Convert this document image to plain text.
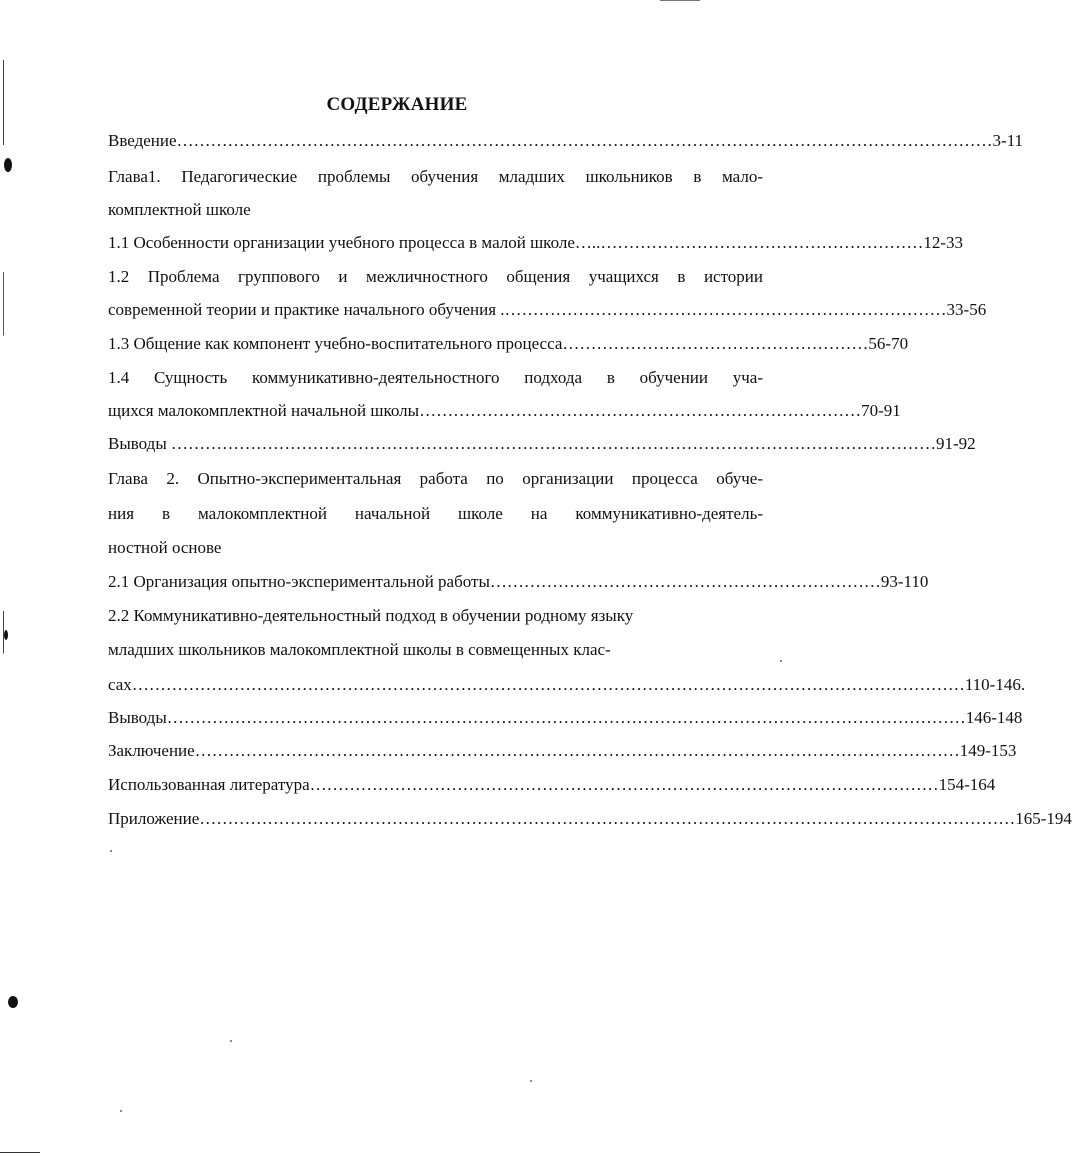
СОДЕРЖАНИЕ
Введение ……………………………………………………………………………………………………………………………… 3-11
Глава1. Педагогические проблемы обучения младших школьников в мало-
комплектной школе
1.1 Особенности организации учебного процесса в малой школе…..… ……………………………………………… 12-33
1.2 Проблема группового и межличностного общения учащихся в истории
современной теории и практике начального обучения . …………………………………………………………………… 33-56
1.3 Общение как компонент учебно-воспитательного процесса ……………………………………………… 56-70
1.4 Сущность коммуникативно-деятельностного подхода в обучении уча-
щихся малокомплектной начальной школы …………………………………………………………………… 70-91
Выводы …… ………………………………………………………………………………………………………………… 91-92
Глава 2. Опытно-экспериментальная работа по организации процесса обуче-
ния в малокомплектной начальной школе на коммуникативно-деятель-
ностной основе
2.1 Организация опытно-экспериментальной работы …………………………………………………………… 93-110
2.2 Коммуникативно-деятельностный подход в обучении родному языку
младших школьников малокомплектной школы в совмещенных клас-
сах ………………………………………………………………………………………………………………………………… 110-146.
Выводы …………………………………………………………………………………………………………………………… 146-148
Заключение ……………………………………………………………………………………………………………………… 149-153
Использованная литература ………………………………………………………………………………………………… 154-164
Приложение ……………………………………………………………………………………………………………………………… 165-194
